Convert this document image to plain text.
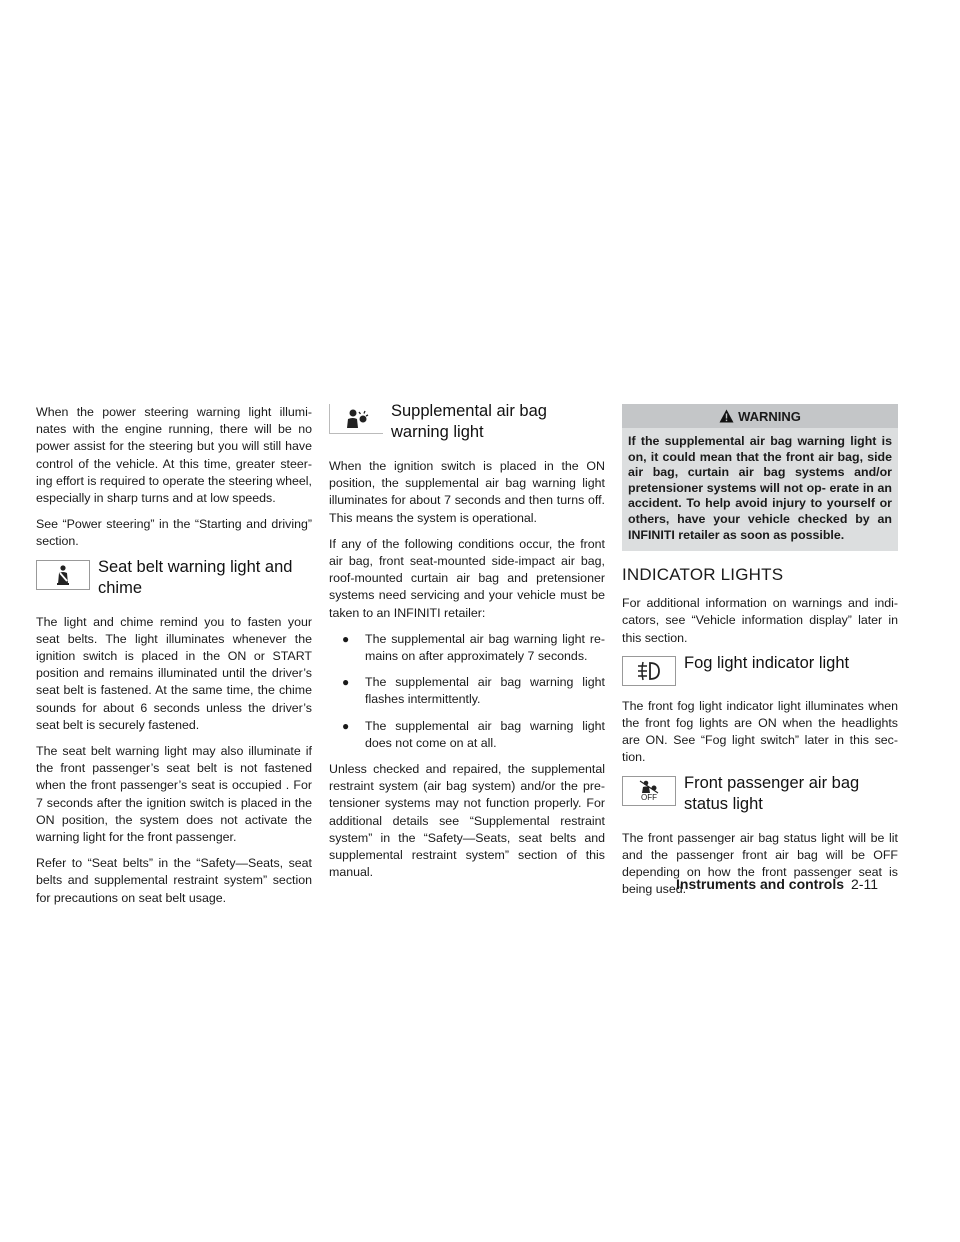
When the power steering warning light illumi- nates with the engine running, there will be no power assist for the steering but you will still have control of the vehicle. At this time, greater steer- ing effort is required to operate the steering wheel, especially in sharp turns and at low speeds.

See “Power steering” in the “Starting and driving” section.

Seat belt warning light and chime

The light and chime remind you to fasten your seat belts. The light illuminates whenever the ignition switch is placed in the ON or START position and remains illuminated until the driver’s seat belt is fastened. At the same time, the chime sounds for about 6 seconds unless the driver’s seat belt is securely fastened.

The seat belt warning light may also illuminate if the front passenger’s seat belt is not fastened when the front passenger’s seat is occupied . For 7 seconds after the ignition switch is placed in the ON position, the system does not activate the warning light for the front passenger.

Refer to “Seat belts” in the “Safety—Seats, seat belts and supplemental restraint system” section for precautions on seat belt usage.

Supplemental air bag warning light

When the ignition switch is placed in the ON position, the supplemental air bag warning light illuminates for about 7 seconds and then turns off. This means the system is operational.

If any of the following conditions occur, the front air bag, front seat-mounted side-impact air bag, roof-mounted curtain air bag and pretensioner systems need servicing and your vehicle must be taken to an INFINITI retailer:

● The supplemental air bag warning light re- mains on after approximately 7 seconds.
● The supplemental air bag warning light flashes intermittently.
● The supplemental air bag warning light does not come on at all.

Unless checked and repaired, the supplemental restraint system (air bag system) and/or the pre- tensioner systems may not function properly. For additional details see “Supplemental restraint system” in the “Safety—Seats, seat belts and supplemental restraint system” section of this manual.

WARNING
If the supplemental air bag warning light is on, it could mean that the front air bag, side air bag, curtain air bag systems and/or pretensioner systems will not op- erate in an accident. To help avoid injury to yourself or others, have your vehicle checked by an INFINITI retailer as soon as possible.
INDICATOR LIGHTS

For additional information on warnings and indi- cators, see “Vehicle information display” later in this section.

Fog light indicator light

The front fog light indicator light illuminates when the front fog lights are ON when the headlights are ON. See “Fog light switch” later in this sec- tion.

OFF
Front passenger air bag status light

The front passenger air bag status light will be lit and the passenger front air bag will be OFF depending on how the front passenger seat is being used.

Instruments and controls 2-11
